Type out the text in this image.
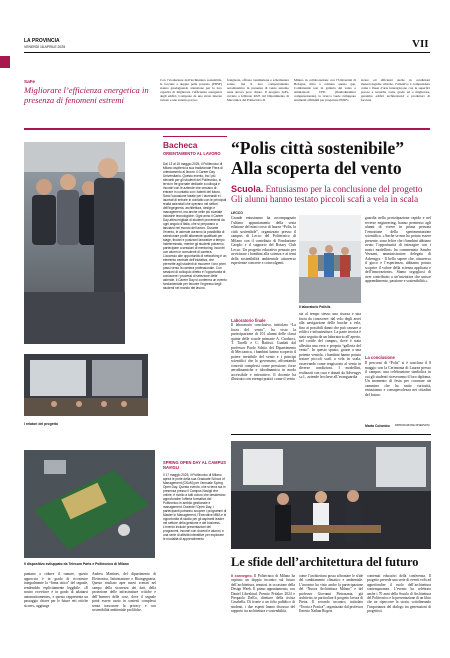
LA PROVINCIA
VENERDÌ 18 APRILE 2025	VII
SaFe
Migliorare l’efficienza energetica in presenza di fenomeni estremi
Con l’evoluzione dell’architettura sostenibile, le facciate a doppia pelle possono (PDSF) stanno guadagnando attenzione per la loro capacità di migliorare l’efficienza energetica degli edifici. Composte da uno strato interno vetrato e uno esterno poroso
frangisole, offrono ventilazione e schermatura solare, ma il loro comportamento aerodinamico in presenza di vento estremo resta ancora poco chiaro. Il progetto SaFe, avviato a febbraio 2025 dal Dipartimento di Meccanica del Politecnico di
Milano in collaborazione con l’Università di Bologna, mira a colmare questo gap. Combinando test in galleria del vento e simulazioni CFD (fluidodinamica computazionale), la ricerca vuole sviluppare strumenti affidabili per progettare PDSFs
sicure ed efficienti anche in condizioni meteorologiche critiche, l’obiettivo è comprendere come i flussi d’aria interagiscono con le superfici porose e tecniche come grado ed a migliorare, garantire edifici architettonici e produttori di facciate
Bacheca
ORIENTAMENTO AL LAVORO
Dal 13 al 15 maggio 2025, il Politecnico di Milano ospiterà la sua tradizionale Fiera di orientamento al lavoro: il Career Day Universitario. Questo evento, tra i più rilevanti per gli studenti del Politecnico, si terrà in tre giornate dedicate a colloqui e incontri con le aziende che cercano di entrare in contatto con i talenti del futuro. Sarà l’occasione ideale per i laureandi e i laureati di entrare in contatto con le principali realtà aziendali che operano nei settori dell’ingegneria, architettura, design e management, ma anche nelle più svariate industrie tecnologiche. Ogni anno il Career Day attira migliaia di studenti provenienti da ogni angolo d’Italia, che si preparano a lanciarsi nel mondo del lavoro. Durante l’evento, le aziende avranno la possibilità di selezionare profili altamente qualificati per stage, tirocini e posizioni lavorative a tempo indeterminato, mentre gli studenti potranno partecipare a sessioni di mentoring, incontri con alumni e consulenti di carriera. L’accesso alle opportunità di networking è un elemento centrale dell’iniziativa, che permette agli studenti di muovere i loro primi passi verso la carriera professionale. Con sessioni di colloquio diretto e l’opportunità di conoscere i processi di selezione delle aziende, il Career Day si conferma un evento fondamentale per favorire l’ingresso degli studenti nel mondo del lavoro.
SPRING OPEN DAY AL CAMPUS NAVIGLI
Il 17 maggio 2025, il Politecnico di Milano aprirà le porte della sua Graduate School of Management (GSoM) per l’annuale Spring Open Day. Questo evento, che si terrà sia in presenza presso il Campus Navigli che online, è rivolto a tutti coloro che desiderano approfondire l’offerta formativa del Politecnico in ambito gestionale e management. Durante l’Open Day, i partecipanti potranno scoprire i programmi di Master in Management, l’Executive MBA e le opportunità di studio per gli aspiranti leader nel settore della gestione e del business. L’evento include presentazioni dei programmi, incontri con docenti e alumni, e una serie di attività interattive per esplorare le modalità di apprendimento
I relatori del progetto
Il dispositivo sviluppato da Telecom Parts e Politecnico di Milano
puntano a ridurre il rumore, questo approccio è in grado di ricostruire integralmente la “firma ottica” del segnale, rendendolo esplicitamente leggibile. «Il nostro ricevitore è in grado di adattarsi automaticamente», e questo rappresenta un passaggio chiave per le future reti ottiche sicure», aggiunge
Andrea Martines, del dipartimento di Elettronica, Informazione e Bioingegneria. Questo risultato apre nuovi scenari nel campo della sicurezza dei dati, della protezione delle infrastrutture critiche e dell’Internet delle cose, dove il segnale potrà essere usato in contesti complessi senza trascurare la privacy e con sostenibilità ambientale prolifiche.
“Polis città sostenibile” Alla scoperta del vento
Scuola. Entusiasmo per la conclusione del progetto Gli alunni hanno testato piccoli scafi a vela in scala
LECCO
Grande entusiasmo ha accompagnato l’ultimo appuntamento della sesta edizione del mini corso di laurea “Polis, la città sostenibile”, organizzato presso il campus di Lecco del Politecnico di Milano con il contributo di Fondazione Cariplo e il supporto del Rotary Club Lecco. Un progetto educativo pensato per avvicinare i bambini alla scienza e ai temi della sostenibilità ambientale attraverso esperienze concrete e coinvolgenti.
Laboratorio finale
Il laboratorio conclusivo, intitolato “La forza del vento”, ha visto la partecipazione di 101 alunni delle classi quinte delle scuole primarie A. Carducci, T. Tacelli e C. Battisti. Guidati dal professor Paolo Schito del Dipartimento di Meccanica, i bambini hanno scoperto il potere invisibile del vento e i principi scientifici che lo governano, affrontando concetti complessi come pressione, forze aerodinamiche e idrodinamica in modo accessibile e interattivo. Il docente ha illustrato con esempi pratici come il vento
Il laboratorio Polislis
sia al tempo stesso una risorsa e una forza da conoscere: dal volo degli aerei alla navigazione delle barche a vela, fino ai possibili danni che può causare a edifici e infrastrutture. La parte teorica è stata seguita da un laboratorio all’aperto, nel cortile del campus, dove è stata allestita una vera e propria “galleria del vento”. In questo spazio, grazie a una potente ventola, i bambini hanno potuto testare piccoli scafi a vela in scala, osservando come reagiscono al vento in diverse condizioni. I modellini, realizzati con cura e donati da Advengys s.r.l., aziende lecchese all’avanguardia
guardia nella prototipazione rapida e nel reverse engineering, hanno permesso agli alunni di vivere in prima persona l’emozione della sperimentazione scientifica. «Anche se non ho potuto essere presente, sono felice che i bambini abbiano avuto l’opportunità di interagire con i nostri modellini» ha commentato Sandro Vezzani, amministratore delegato di Advengys - Il bello sapere che, attraverso il gioco e l’esperienza, abbiamo potuto scoprire il valore della scienza applicata e dell’innovazione». Siamo orgogliosi di aver contribuito a un’iniziativa che unisce apprendimento, passione e sostenibilità.»
La conclusione
Il percorso di “Polis” si è concluso il 8 maggio con la Cerimonia di Laurea presso il campus: una celebrazione simbolica in cui gli studenti riceveranno il loro diploma. Un momento di festa per coronare un cammino che ha unito curiosità, entusiasmo e consapevolezza nei cittadini del futuro.
Marta Colombo RIPRODUZIONE RISERVATA
Le sfide dell’architettura del futuro
Il convegno. Il Politecnico di Milano ha ospitato un doppio incontro sul futuro dell’architettura, tenutosi in occasione della Design Week. Il primo appuntamento, con Daniel Libeskind, Premio Pritzker 2024 e Pierpaolo DalCo, direttore della rivista Casabella. Di fronte a un folto pubblico di studenti, i due esperti hanno discusso del rapporto tra architettura e sostenibilità,
come l’architettura possa affrontare le sfide del cambiamento climatico e ambientale. L’incontro ha visto anche la partecipazione del “Nuova Architettura Milano” e del professor Giovanni Pietrasanta, già architetto, in particolare il progetto lavora di Pietra. Il secondo incontro, intitolato “Teoria e Pratica”, organizzato dal professor Ernesto Nathan Rogers
contenuti educativi della conferenza. Il progetto prevede una serie di eventi volti ad approfondire il ruolo dell’architettura contemporanea. L’evento ha celebrato anche i 70 anni della Scuola di Architettura del Politecnico e la presentazione di un libro che ne ripercorre la storia, sottolineando l’importanza del dialogo tra generazioni di progettisti.
